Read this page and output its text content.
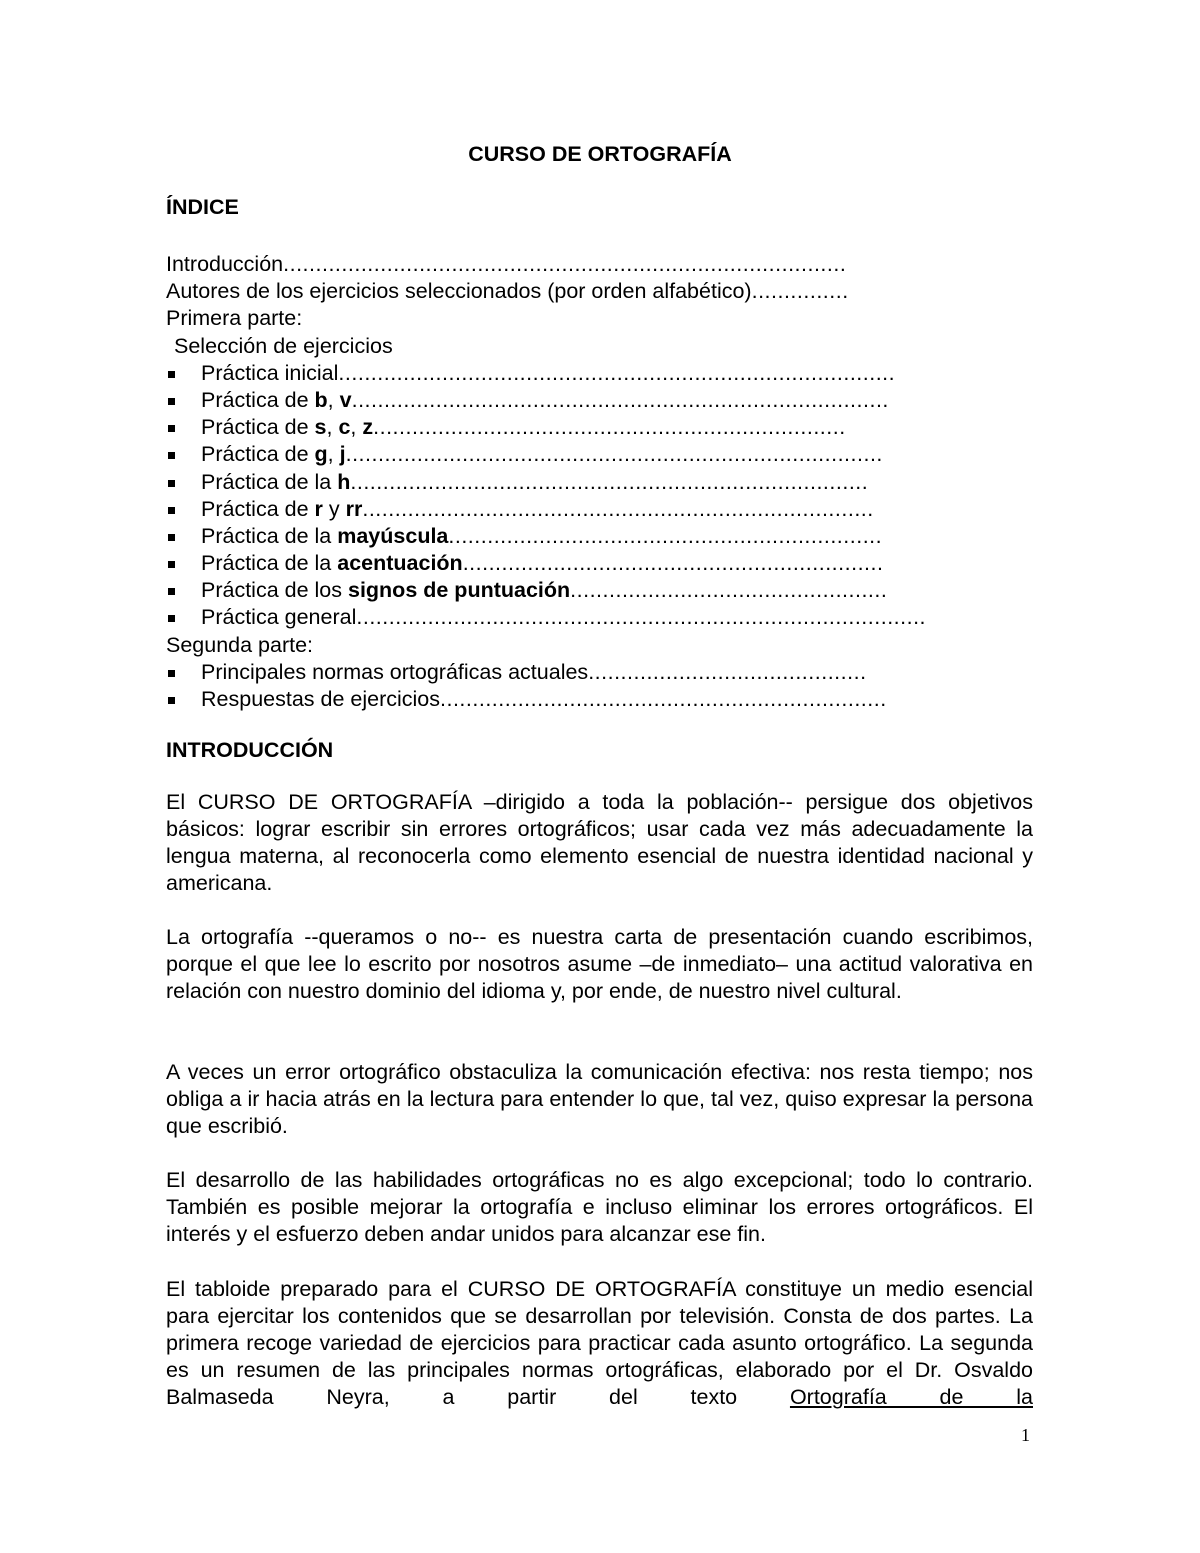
CURSO DE ORTOGRAFÍA
ÍNDICE
Introducción.......................................................................................
Autores de los ejercicios seleccionados (por orden alfabético)...............
Primera parte:
Selección de ejercicios
Práctica inicial......................................................................................
Práctica de b, v...................................................................................
Práctica de s, c, z.........................................................................
Práctica de g, j...................................................................................
Práctica de la h................................................................................
Práctica de r y rr...............................................................................
Práctica de la mayúscula...................................................................
Práctica de la acentuación.................................................................
Práctica de los signos de puntuación.................................................
Práctica general........................................................................................
Segunda parte:
Principales normas ortográficas actuales...........................................
Respuestas de ejercicios.....................................................................
INTRODUCCIÓN
El CURSO DE ORTOGRAFÍA –dirigido a toda la población-- persigue dos objetivos básicos: lograr escribir sin errores ortográficos; usar cada vez más adecuadamente la lengua materna, al reconocerla como elemento esencial de nuestra identidad nacional y americana.
La ortografía --queramos o no-- es nuestra carta de presentación cuando escribimos, porque el que lee lo escrito por nosotros asume –de inmediato– una actitud valorativa en relación con nuestro dominio del idioma y, por ende, de nuestro nivel cultural.
A veces un error ortográfico obstaculiza la comunicación efectiva: nos resta tiempo; nos obliga a ir hacia atrás en la lectura para entender lo que, tal vez, quiso expresar la persona que escribió.
El desarrollo de las habilidades ortográficas no es algo excepcional; todo lo contrario. También es posible mejorar la ortografía e incluso eliminar los errores ortográficos. El interés y el esfuerzo deben andar unidos para alcanzar ese fin.
El tabloide preparado para el CURSO DE ORTOGRAFÍA constituye un medio esencial para ejercitar los contenidos que se desarrollan por televisión. Consta de dos partes. La primera recoge variedad de ejercicios para practicar cada asunto ortográfico. La segunda es un resumen de las principales normas ortográficas, elaborado por el Dr. Osvaldo Balmaseda Neyra, a partir del texto Ortografía de la
1
